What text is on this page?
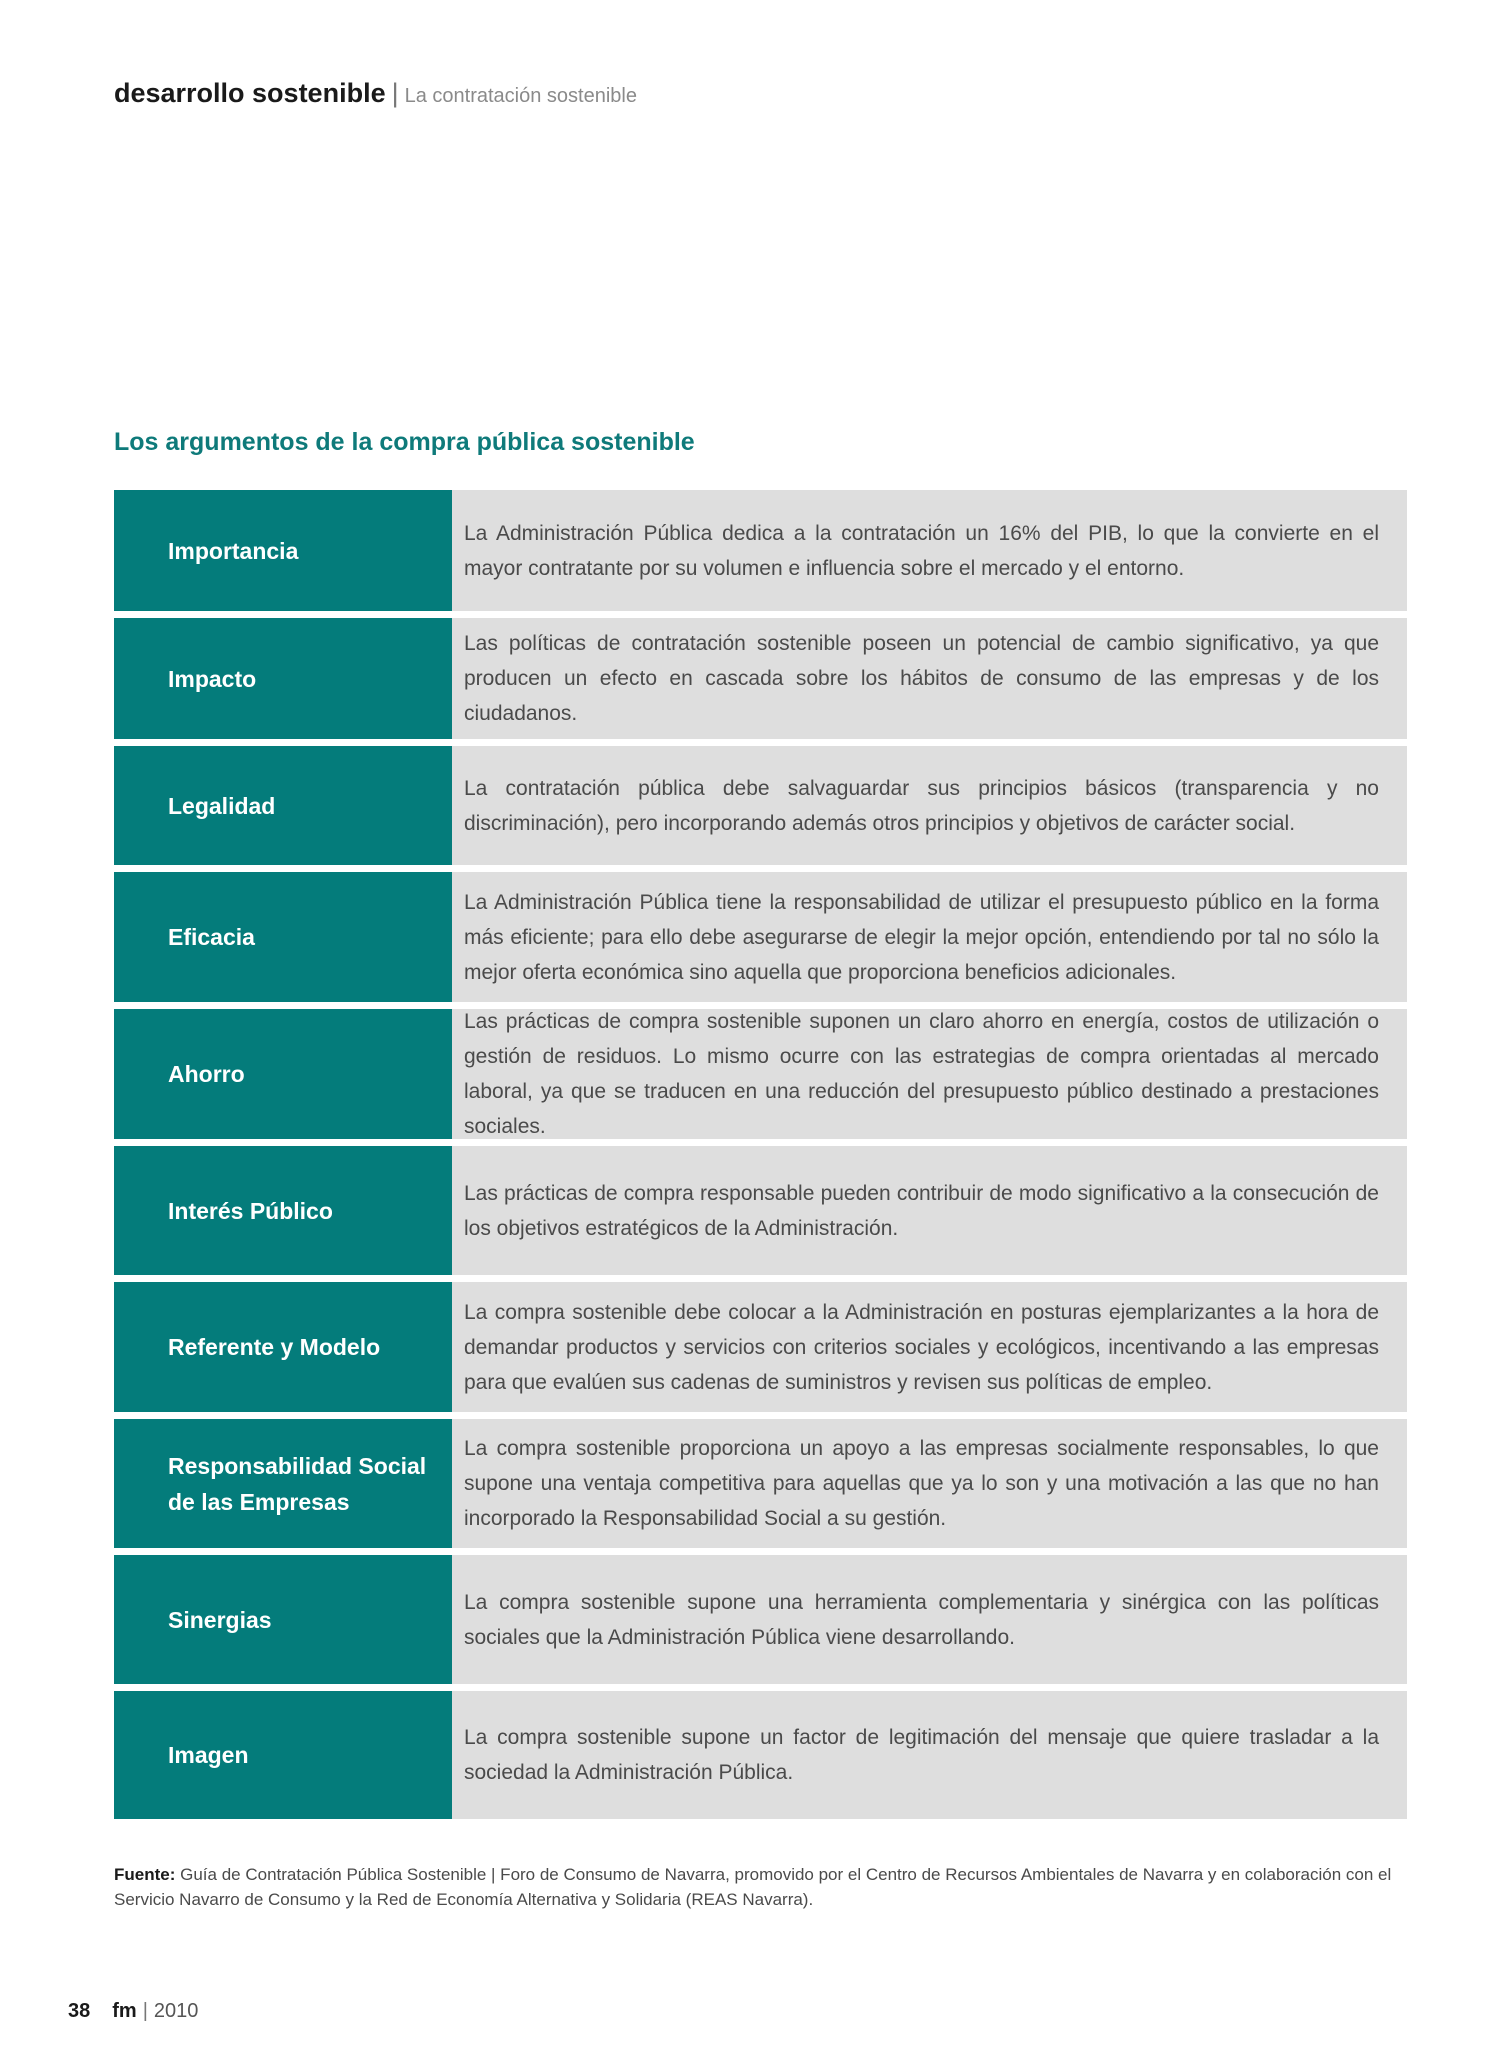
desarrollo sostenible | La contratación sostenible
Los argumentos de la compra pública sostenible
Importancia
La Administración Pública dedica a la contratación un 16% del PIB, lo que la convierte en el mayor contratante por su volumen e influencia sobre el mercado y el entorno.
Impacto
Las políticas de contratación sostenible poseen un potencial de cambio significativo, ya que producen un efecto en cascada sobre los hábitos de consumo de las empresas y de los ciudadanos.
Legalidad
La contratación pública debe salvaguardar sus principios básicos (transparencia y no discriminación), pero incorporando además otros principios y objetivos de carácter social.
Eficacia
La Administración Pública tiene la responsabilidad de utilizar el presupuesto público en la forma más eficiente; para ello debe asegurarse de elegir la mejor opción, entendiendo por tal no sólo la mejor oferta económica sino aquella que proporciona beneficios adicionales.
Ahorro
Las prácticas de compra sostenible suponen un claro ahorro en energía, costos de utilización o gestión de residuos. Lo mismo ocurre con las estrategias de compra orientadas al mercado laboral, ya que se traducen en una reducción del presupuesto público destinado a prestaciones sociales.
Interés Público
Las prácticas de compra responsable pueden contribuir de modo significativo a la consecución de los objetivos estratégicos de la Administración.
Referente y Modelo
La compra sostenible debe colocar a la Administración en posturas ejemplarizantes a la hora de demandar productos y servicios con criterios sociales y ecológicos, incentivando a las empresas para que evalúen sus cadenas de suministros y revisen sus políticas de empleo.
Responsabilidad Social de las Empresas
La compra sostenible proporciona un apoyo a las empresas socialmente responsables, lo que supone una ventaja competitiva para aquellas que ya lo son y una motivación a las que no han incorporado la Responsabilidad Social a su gestión.
Sinergias
La compra sostenible supone una herramienta complementaria y sinérgica con las políticas sociales que la Administración Pública viene desarrollando.
Imagen
La compra sostenible supone un factor de legitimación del mensaje que quiere trasladar a la sociedad la Administración Pública.
Fuente: Guía de Contratación Pública Sostenible | Foro de Consumo de Navarra, promovido por el Centro de Recursos Ambientales de Navarra y en colaboración con el Servicio Navarro de Consumo y la Red de Economía Alternativa y Solidaria (REAS Navarra).
38 fm | 2010
